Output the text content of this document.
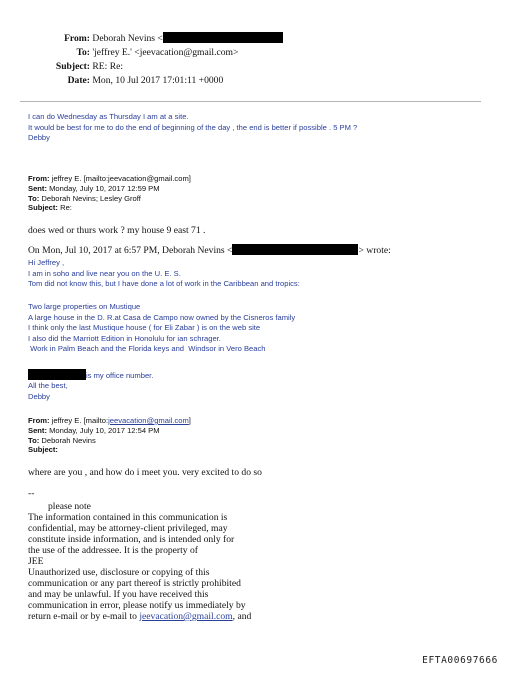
From: Deborah Nevins <
To: 'jeffrey E.' <jeevacation@gmail.com>
Subject: RE: Re:
Date: Mon, 10 Jul 2017 17:01:11 +0000
I can do Wednesday as Thursday I am at a site.
It would be best for me to do the end of beginning of the day , the end is better if possible . 5 PM ?
Debby
From: jeffrey E. [mailto:jeevacation@gmail.com]
Sent: Monday, July 10, 2017 12:59 PM
To: Deborah Nevins; Lesley Groff
Subject: Re:
does wed or thurs work ? my house 9 east 71 .
On Mon, Jul 10, 2017 at 6:57 PM, Deborah Nevins <	> wrote:
Hi Jeffrey ,
I am in soho and live near you on the U. E. S.
Tom did not know this, but I have done a lot of work in the Caribbean and tropics:
Two large properties on Mustique
A large house in the D. R.at Casa de Campo now owned by the Cisneros family
I think only the last Mustique house ( for Eli Zabar ) is on the web site
I also did the Marriott Edition in Honolulu for ian schrager.
Work in Palm Beach and the Florida keys and  Windsor in Vero Beach
is my office number.
All the best,
Debby
From: jeffrey E. [mailto:jeevacation@gmail.com]
Sent: Monday, July 10, 2017 12:54 PM
To: Deborah Nevins
Subject:
where are you , and how do i meet you. very excited to do so
--
please note
The information contained in this communication is
confidential, may be attorney-client privileged, may
constitute inside information, and is intended only for
the use of the addressee. It is the property of
JEE
Unauthorized use, disclosure or copying of this
communication or any part thereof is strictly prohibited
and may be unlawful. If you have received this
communication in error, please notify us immediately by
return e-mail or by e-mail to jeevacation@gmail.com, and
EFTA00697666
